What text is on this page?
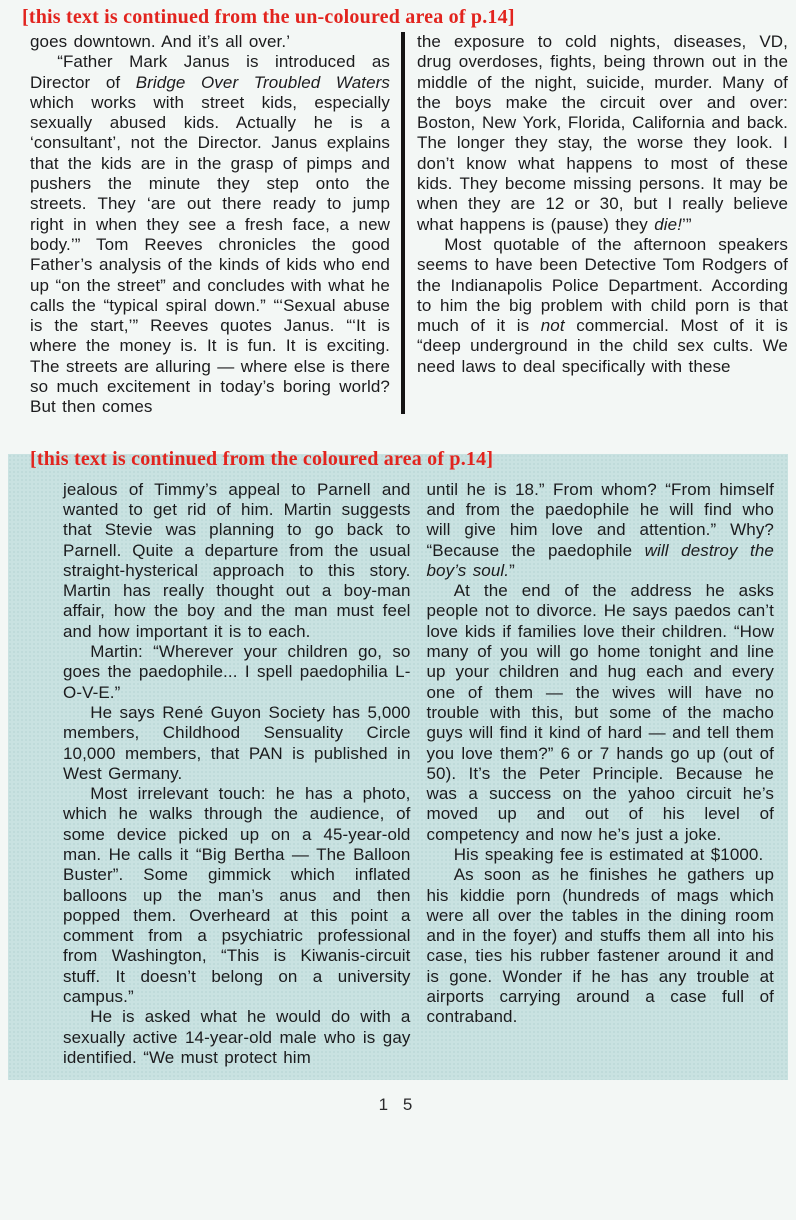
[this text is continued from the un-coloured area of p.14]

goes downtown. And it’s all over.’

“Father Mark Janus is introduced as Director of Bridge Over Troubled Waters which works with street kids, especially sexually abused kids. Actually he is a ‘consultant’, not the Director. Janus explains that the kids are in the grasp of pimps and pushers the minute they step onto the streets. They ‘are out there ready to jump right in when they see a fresh face, a new body.’” Tom Reeves chronicles the good Father’s analysis of the kinds of kids who end up “on the street” and concludes with what he calls the “typical spiral down.” “‘Sexual abuse is the start,’” Reeves quotes Janus. “‘It is where the money is. It is fun. It is exciting. The streets are alluring — where else is there so much excitement in today’s boring world? But then comes

the exposure to cold nights, diseases, VD, drug overdoses, fights, being thrown out in the middle of the night, suicide, murder. Many of the boys make the circuit over and over: Boston, New York, Florida, California and back. The longer they stay, the worse they look. I don’t know what happens to most of these kids. They become missing persons. It may be when they are 12 or 30, but I really believe what happens is (pause) they die!’”

Most quotable of the afternoon speakers seems to have been Detective Tom Rodgers of the Indianapolis Police Department. According to him the big problem with child porn is that much of it is not commercial. Most of it is “deep underground in the child sex cults. We need laws to deal specifically with these

[this text is continued from the coloured area of p.14]

jealous of Timmy’s appeal to Parnell and wanted to get rid of him. Martin suggests that Stevie was planning to go back to Parnell. Quite a departure from the usual straight-hysterical approach to this story. Martin has really thought out a boy-man affair, how the boy and the man must feel and how important it is to each.

Martin: “Wherever your children go, so goes the paedophile... I spell paedophilia L-O-V-E.”

He says René Guyon Society has 5,000 members, Childhood Sensuality Circle 10,000 members, that PAN is published in West Germany.

Most irrelevant touch: he has a photo, which he walks through the audience, of some device picked up on a 45-year-old man. He calls it “Big Bertha — The Balloon Buster”. Some gimmick which inflated balloons up the man’s anus and then popped them. Overheard at this point a comment from a psychiatric professional from Washington, “This is Kiwanis-circuit stuff. It doesn’t belong on a university campus.”

He is asked what he would do with a sexually active 14-year-old male who is gay identified. “We must protect him

until he is 18.” From whom? “From himself and from the paedophile he will find who will give him love and attention.” Why? “Because the paedophile will destroy the boy’s soul.”

At the end of the address he asks people not to divorce. He says paedos can’t love kids if families love their children. “How many of you will go home tonight and line up your children and hug each and every one of them — the wives will have no trouble with this, but some of the macho guys will find it kind of hard — and tell them you love them?” 6 or 7 hands go up (out of 50). It’s the Peter Principle. Because he was a success on the yahoo circuit he’s moved up and out of his level of competency and now he’s just a joke.

His speaking fee is estimated at $1000.

As soon as he finishes he gathers up his kiddie porn (hundreds of mags which were all over the tables in the dining room and in the foyer) and stuffs them all into his case, ties his rubber fastener around it and is gone. Wonder if he has any trouble at airports carrying around a case full of contraband.

1 5
